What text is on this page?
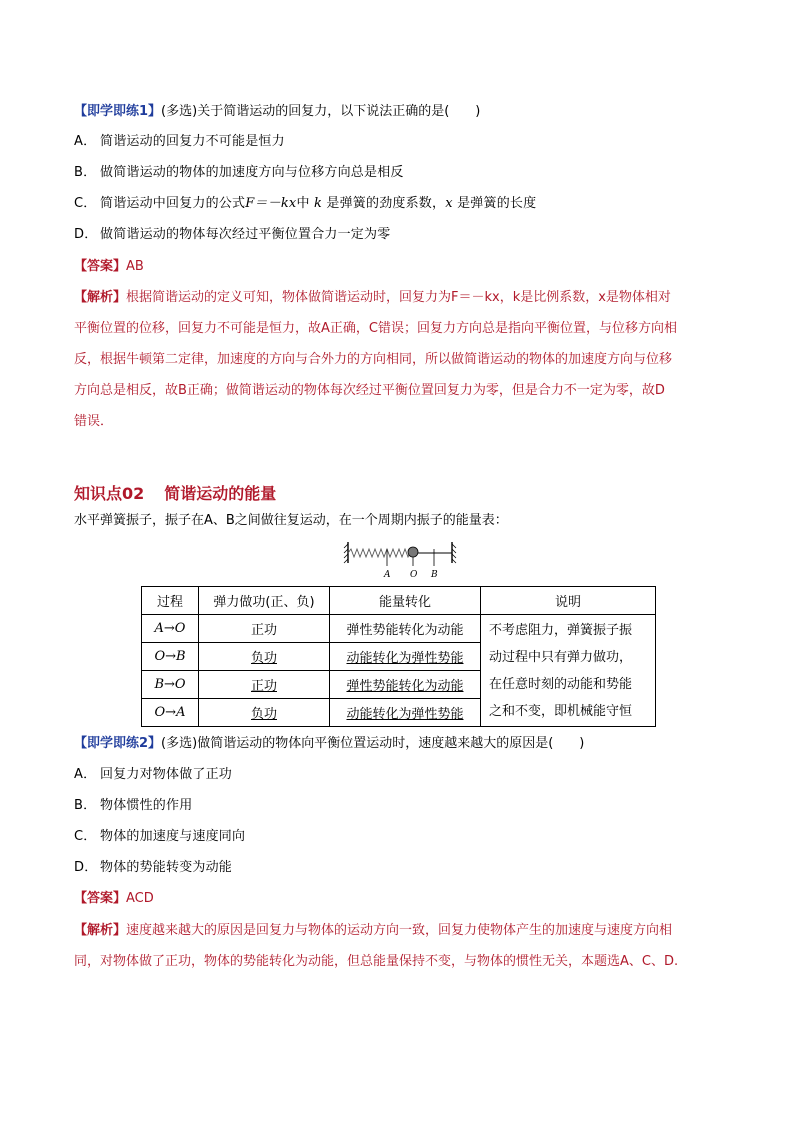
【即学即练1】(多选)关于简谐运动的回复力，以下说法正确的是(　　)
A． 简谐运动的回复力不可能是恒力
B． 做简谐运动的物体的加速度方向与位移方向总是相反
C． 简谐运动中回复力的公式F＝－kx中 k 是弹簧的劲度系数，x 是弹簧的长度
D． 做简谐运动的物体每次经过平衡位置合力一定为零
【答案】AB
【解析】根据简谐运动的定义可知，物体做简谐运动时，回复力为F＝－kx，k是比例系数，x是物体相对
平衡位置的位移，回复力不可能是恒力，故A正确，C错误；回复力方向总是指向平衡位置，与位移方向相
反，根据牛顿第二定律，加速度的方向与合外力的方向相同，所以做简谐运动的物体的加速度方向与位移
方向总是相反，故B正确；做简谐运动的物体每次经过平衡位置回复力为零，但是合力不一定为零，故D
错误．
知识点02 简谐运动的能量
水平弹簧振子，振子在A、B之间做往复运动，在一个周期内振子的能量表：
A O B
过程	弹力做功(正、负)	能量转化	说明
A→O	正功	弹性势能转化为动能	不考虑阻力，弹簧振子振
动过程中只有弹力做功，
在任意时刻的动能和势能
之和不变，即机械能守恒
O→B	负功	动能转化为弹性势能	
B→O	正功	弹性势能转化为动能	
O→A	负功	动能转化为弹性势能	
【即学即练2】(多选)做简谐运动的物体向平衡位置运动时，速度越来越大的原因是(　　)
A． 回复力对物体做了正功
B． 物体惯性的作用
C． 物体的加速度与速度同向
D． 物体的势能转变为动能
【答案】ACD
【解析】速度越来越大的原因是回复力与物体的运动方向一致，回复力使物体产生的加速度与速度方向相
同，对物体做了正功，物体的势能转化为动能，但总能量保持不变，与物体的惯性无关，本题选A、C、D.
